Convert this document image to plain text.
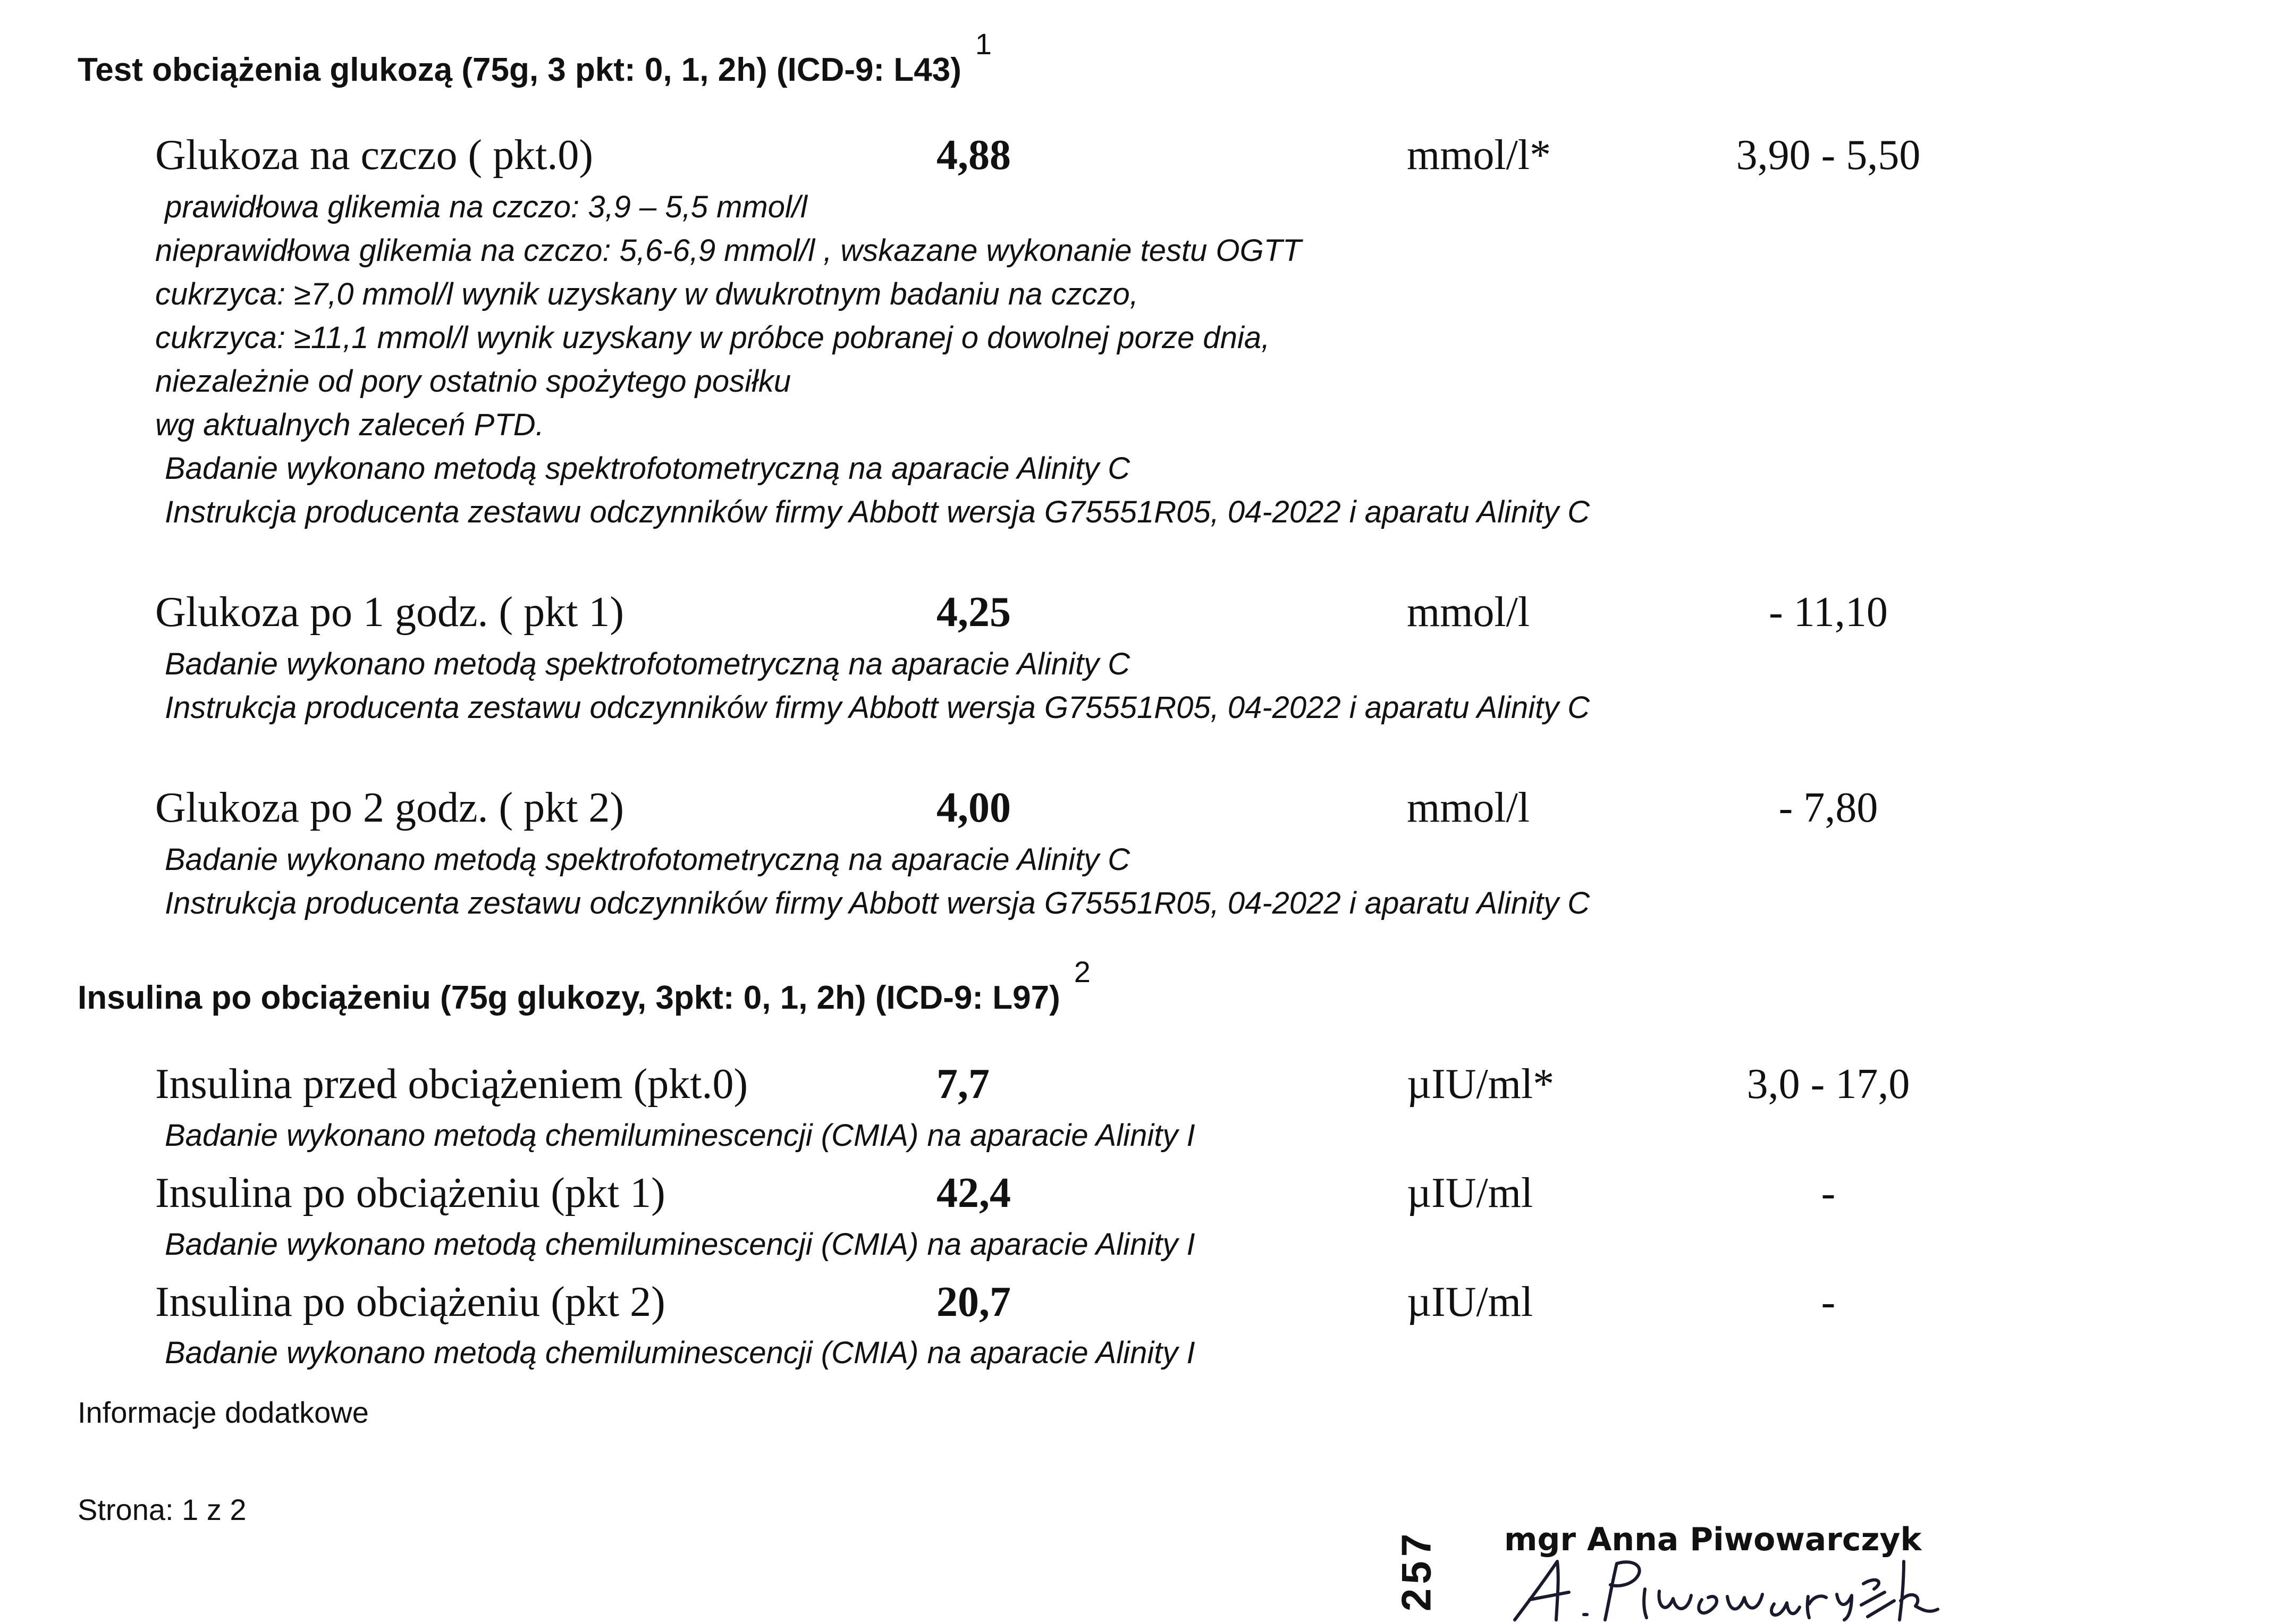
Test obciążenia glukozą (75g, 3 pkt: 0, 1, 2h) (ICD-9: L43)1
Glukoza na czczo ( pkt.0)	4,88	mmol/l*	3,90 - 5,50
prawidłowa glikemia na czczo: 3,9 – 5,5 mmol/l
nieprawidłowa glikemia na czczo: 5,6-6,9 mmol/l , wskazane wykonanie testu OGTT
cukrzyca: ≥7,0 mmol/l wynik uzyskany w dwukrotnym badaniu na czczo,
cukrzyca: ≥11,1 mmol/l wynik uzyskany w próbce pobranej o dowolnej porze dnia,
niezależnie od pory ostatnio spożytego posiłku
wg aktualnych zaleceń PTD.
Badanie wykonano metodą spektrofotometryczną na aparacie Alinity C
Instrukcja producenta zestawu odczynników firmy Abbott wersja G75551R05, 04-2022 i aparatu Alinity C
Glukoza po 1 godz. ( pkt 1)	4,25	mmol/l	- 11,10
Badanie wykonano metodą spektrofotometryczną na aparacie Alinity C
Instrukcja producenta zestawu odczynników firmy Abbott wersja G75551R05, 04-2022 i aparatu Alinity C
Glukoza po 2 godz. ( pkt 2)	4,00	mmol/l	- 7,80
Badanie wykonano metodą spektrofotometryczną na aparacie Alinity C
Instrukcja producenta zestawu odczynników firmy Abbott wersja G75551R05, 04-2022 i aparatu Alinity C
Insulina po obciążeniu (75g glukozy, 3pkt: 0, 1, 2h) (ICD-9: L97)2
Insulina przed obciążeniem (pkt.0)	7,7	µIU/ml*	3,0 - 17,0
Badanie wykonano metodą chemiluminescencji (CMIA) na aparacie Alinity I
Insulina po obciążeniu (pkt 1)	42,4	µIU/ml	-
Badanie wykonano metodą chemiluminescencji (CMIA) na aparacie Alinity I
Insulina po obciążeniu (pkt 2)	20,7	µIU/ml	-
Badanie wykonano metodą chemiluminescencji (CMIA) na aparacie Alinity I
Informacje dodatkowe
Strona: 1 z 2
257 mgr Anna Piwowarczyk
